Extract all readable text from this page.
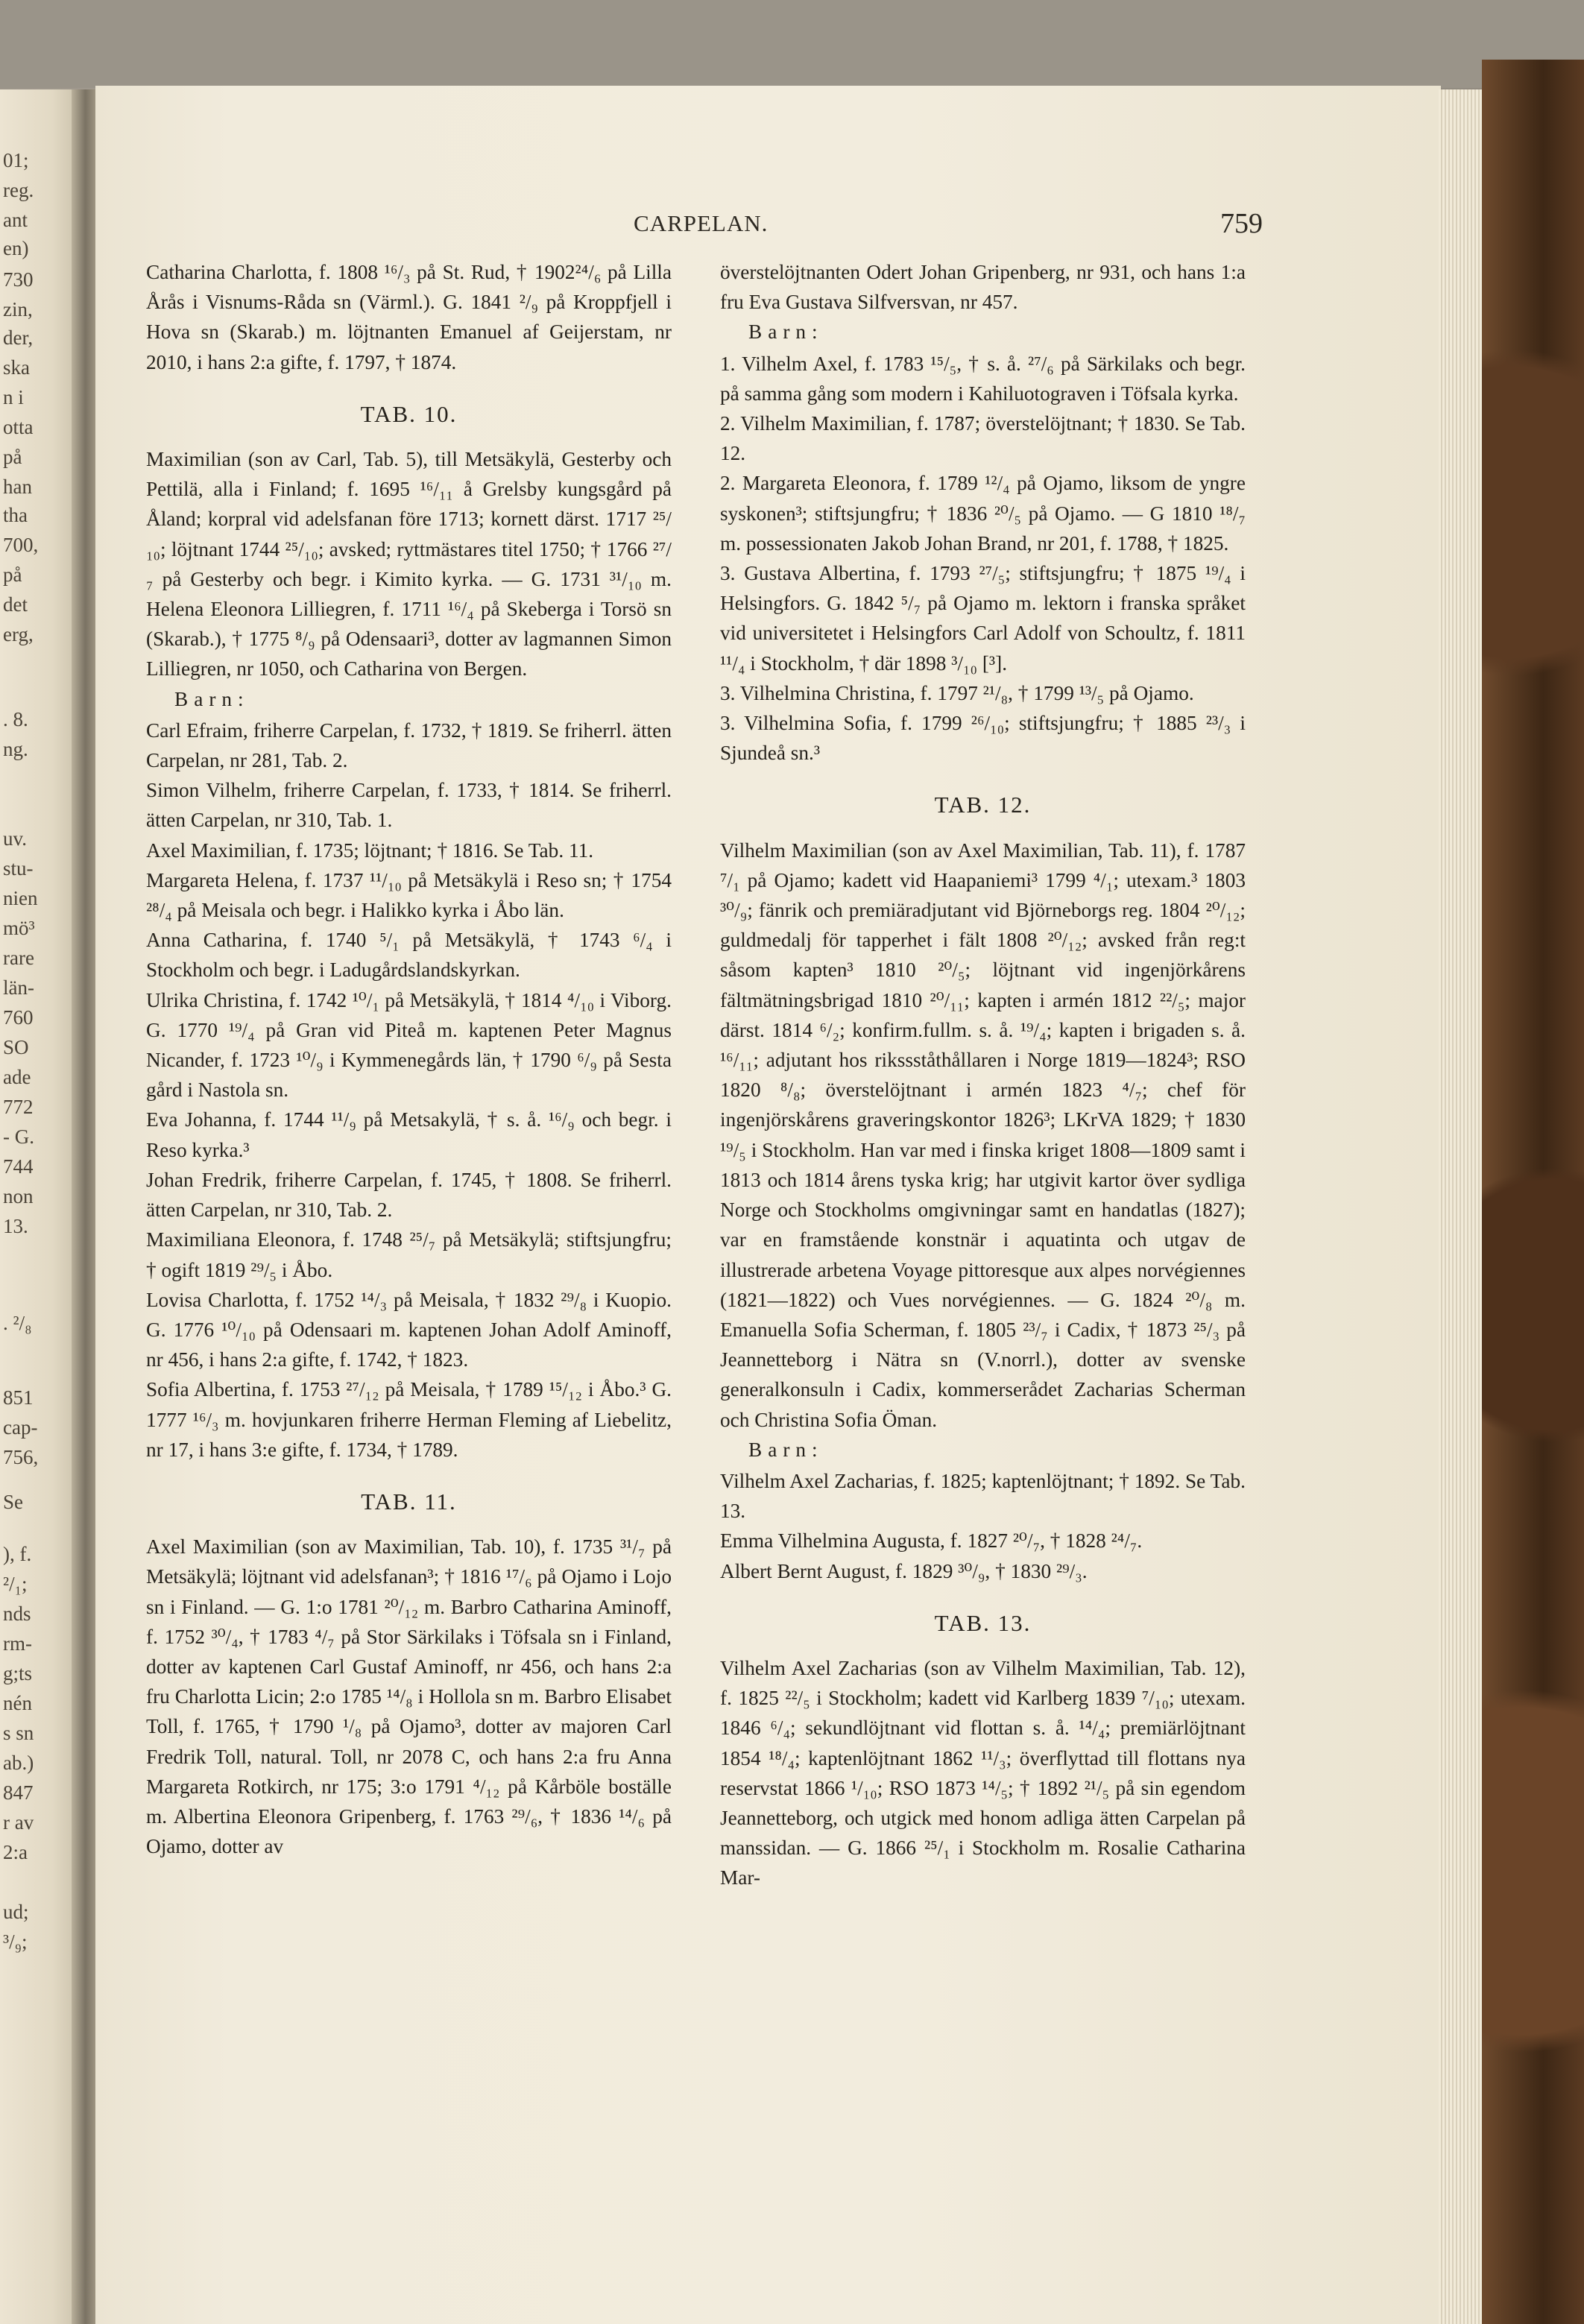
01;
reg.
ant
en)
730
zin,
der,
ska
n i
otta
på
han
tha
700,
på
det
erg,
. 8.
ng.
uv.
stu-
nien
mö³
rare
län-
760
SO
ade
772
- G.
744
non
13.
. ²/₈
851
cap-
756,
Se
), f.
²/₁;
nds
rm-
g;ts
nén
s sn
ab.)
847
r av
2:a
ud;
³/₉;
CARPELAN.	759

Catharina Charlotta, f. 1808 ¹⁶/₃ på St. Rud, † 1902²⁴/₆ på Lilla Årås i Visnums-Råda sn (Värml.). G. 1841 ²/₉ på Kroppfjell i Hova sn (Skarab.) m. löjtnanten Emanuel af Geijerstam, nr 2010, i hans 2:a gifte, f. 1797, † 1874.

TAB. 10.

Maximilian (son av Carl, Tab. 5), till Metsäkylä, Gesterby och Pettilä, alla i Finland; f. 1695 ¹⁶/₁₁ å Grelsby kungsgård på Åland; korpral vid adelsfanan före 1713; kornett därst. 1717 ²⁵/₁₀; löjtnant 1744 ²⁵/₁₀; avsked; ryttmästares titel 1750; † 1766 ²⁷/₇ på Gesterby och begr. i Kimito kyrka. — G. 1731 ³¹/₁₀ m. Helena Eleonora Lilliegren, f. 1711 ¹⁶/₄ på Skeberga i Torsö sn (Skarab.), † 1775 ⁸/₉ på Odensaari³, dotter av lagmannen Simon Lilliegren, nr 1050, och Catharina von Bergen.

Barn:

Carl Efraim, friherre Carpelan, f. 1732, † 1819. Se friherrl. ätten Carpelan, nr 281, Tab. 2.

Simon Vilhelm, friherre Carpelan, f. 1733, † 1814. Se friherrl. ätten Carpelan, nr 310, Tab. 1.

Axel Maximilian, f. 1735; löjtnant; † 1816. Se Tab. 11.

Margareta Helena, f. 1737 ¹¹/₁₀ på Metsäkylä i Reso sn; † 1754 ²⁸/₄ på Meisala och begr. i Halikko kyrka i Åbo län.

Anna Catharina, f. 1740 ⁵/₁ på Metsäkylä, † 1743 ⁶/₄ i Stockholm och begr. i Ladugårdslandskyrkan.

Ulrika Christina, f. 1742 ¹⁰/₁ på Metsäkylä, † 1814 ⁴/₁₀ i Viborg. G. 1770 ¹⁹/₄ på Gran vid Piteå m. kaptenen Peter Magnus Nicander, f. 1723 ¹⁰/₉ i Kymmenegårds län, † 1790 ⁶/₉ på Sesta gård i Nastola sn.

Eva Johanna, f. 1744 ¹¹/₉ på Metsakylä, † s. å. ¹⁶/₉ och begr. i Reso kyrka.³

Johan Fredrik, friherre Carpelan, f. 1745, † 1808. Se friherrl. ätten Carpelan, nr 310, Tab. 2.

Maximiliana Eleonora, f. 1748 ²⁵/₇ på Metsäkylä; stiftsjungfru; † ogift 1819 ²⁹/₅ i Åbo.

Lovisa Charlotta, f. 1752 ¹⁴/₃ på Meisala, † 1832 ²⁹/₈ i Kuopio. G. 1776 ¹⁰/₁₀ på Odensaari m. kaptenen Johan Adolf Aminoff, nr 456, i hans 2:a gifte, f. 1742, † 1823.

Sofia Albertina, f. 1753 ²⁷/₁₂ på Meisala, † 1789 ¹⁵/₁₂ i Åbo.³ G. 1777 ¹⁶/₃ m. hovjunkaren friherre Herman Fleming af Liebelitz, nr 17, i hans 3:e gifte, f. 1734, † 1789.

TAB. 11.

Axel Maximilian (son av Maximilian, Tab. 10), f. 1735 ³¹/₇ på Metsäkylä; löjtnant vid adelsfanan³; † 1816 ¹⁷/₆ på Ojamo i Lojo sn i Finland. — G. 1:o 1781 ²⁰/₁₂ m. Barbro Catharina Aminoff, f. 1752 ³⁰/₄, † 1783 ⁴/₇ på Stor Särkilaks i Töfsala sn i Finland, dotter av kaptenen Carl Gustaf Aminoff, nr 456, och hans 2:a fru Charlotta Licin; 2:o 1785 ¹⁴/₈ i Hollola sn m. Barbro Elisabet Toll, f. 1765, † 1790 ¹/₈ på Ojamo³, dotter av majoren Carl Fredrik Toll, natural. Toll, nr 2078 C, och hans 2:a fru Anna Margareta Rotkirch, nr 175; 3:o 1791 ⁴/₁₂ på Kårböle boställe m. Albertina Eleonora Gripenberg, f. 1763 ²⁹/₆, † 1836 ¹⁴/₆ på Ojamo, dotter av

överstelöjtnanten Odert Johan Gripenberg, nr 931, och hans 1:a fru Eva Gustava Silfversvan, nr 457.

Barn:

1. Vilhelm Axel, f. 1783 ¹⁵/₅, † s. å. ²⁷/₆ på Särkilaks och begr. på samma gång som modern i Kahiluotograven i Töfsala kyrka.

2. Vilhelm Maximilian, f. 1787; överstelöjtnant; † 1830. Se Tab. 12.

2. Margareta Eleonora, f. 1789 ¹²/₄ på Ojamo, liksom de yngre syskonen³; stiftsjungfru; † 1836 ²⁰/₅ på Ojamo. — G 1810 ¹⁸/₇ m. possessionaten Jakob Johan Brand, nr 201, f. 1788, † 1825.

3. Gustava Albertina, f. 1793 ²⁷/₅; stiftsjungfru; † 1875 ¹⁹/₄ i Helsingfors. G. 1842 ⁵/₇ på Ojamo m. lektorn i franska språket vid universitetet i Helsingfors Carl Adolf von Schoultz, f. 1811 ¹¹/₄ i Stockholm, † där 1898 ³/₁₀ [³].

3. Vilhelmina Christina, f. 1797 ²¹/₈, † 1799 ¹³/₅ på Ojamo.

3. Vilhelmina Sofia, f. 1799 ²⁶/₁₀; stiftsjungfru; † 1885 ²³/₃ i Sjundeå sn.³

TAB. 12.

Vilhelm Maximilian (son av Axel Maximilian, Tab. 11), f. 1787 ⁷/₁ på Ojamo; kadett vid Haapaniemi³ 1799 ⁴/₁; utexam.³ 1803 ³⁰/₉; fänrik och premiäradjutant vid Björneborgs reg. 1804 ²⁰/₁₂; guldmedalj för tapperhet i fält 1808 ²⁰/₁₂; avsked från reg:t såsom kapten³ 1810 ²⁰/₅; löjtnant vid ingenjörkårens fältmätningsbrigad 1810 ²⁰/₁₁; kapten i armén 1812 ²²/₅; major därst. 1814 ⁶/₂; konfirm.fullm. s. å. ¹⁹/₄; kapten i brigaden s. å. ¹⁶/₁₁; adjutant hos rikssståthållaren i Norge 1819—1824³; RSO 1820 ⁸/₈; överstelöjtnant i armén 1823 ⁴/₇; chef för ingenjörskårens graveringskontor 1826³; LKrVA 1829; † 1830 ¹⁹/₅ i Stockholm. Han var med i finska kriget 1808—1809 samt i 1813 och 1814 årens tyska krig; har utgivit kartor över sydliga Norge och Stockholms omgivningar samt en handatlas (1827); var en framstående konstnär i aquatinta och utgav de illustrerade arbetena Voyage pittoresque aux alpes norvégiennes (1821—1822) och Vues norvégiennes. — G. 1824 ²⁰/₈ m. Emanuella Sofia Scherman, f. 1805 ²³/₇ i Cadix, † 1873 ²⁵/₃ på Jeannetteborg i Nätra sn (V.norrl.), dotter av svenske generalkonsuln i Cadix, kommerserådet Zacharias Scherman och Christina Sofia Öman.

Barn:

Vilhelm Axel Zacharias, f. 1825; kaptenlöjtnant; † 1892. Se Tab. 13.

Emma Vilhelmina Augusta, f. 1827 ²⁰/₇, † 1828 ²⁴/₇.

Albert Bernt August, f. 1829 ³⁰/₉, † 1830 ²⁹/₃.

TAB. 13.

Vilhelm Axel Zacharias (son av Vilhelm Maximilian, Tab. 12), f. 1825 ²²/₅ i Stockholm; kadett vid Karlberg 1839 ⁷/₁₀; utexam. 1846 ⁶/₄; sekundlöjtnant vid flottan s. å. ¹⁴/₄; premiärlöjtnant 1854 ¹⁸/₄; kaptenlöjtnant 1862 ¹¹/₃; överflyttad till flottans nya reservstat 1866 ¹/₁₀; RSO 1873 ¹⁴/₅; † 1892 ²¹/₅ på sin egendom Jeannetteborg, och utgick med honom adliga ätten Carpelan på manssidan. — G. 1866 ²⁵/₁ i Stockholm m. Rosalie Catharina Mar-
